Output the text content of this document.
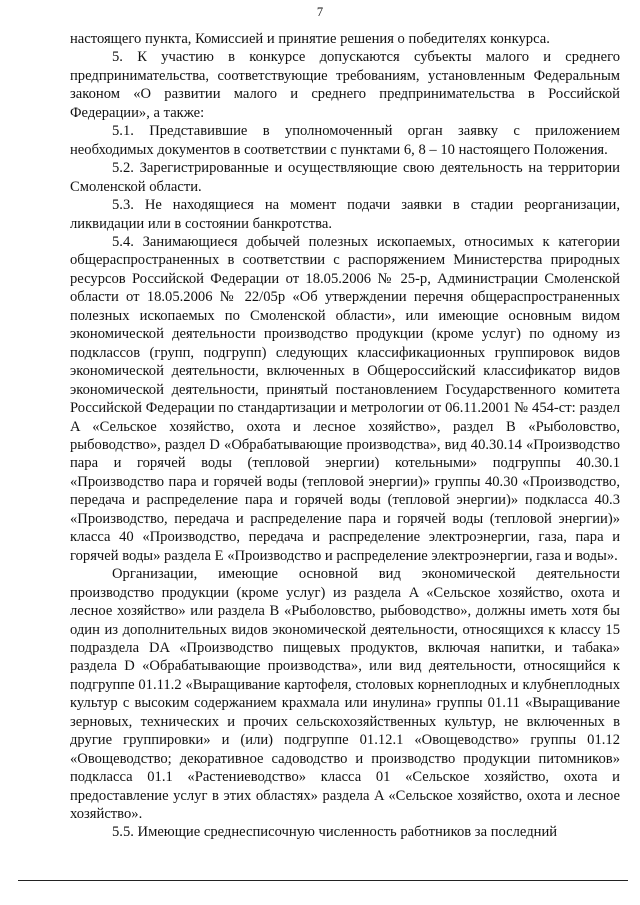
7

настоящего пункта, Комиссией и принятие решения о победителях конкурса.

5. К участию в конкурсе допускаются субъекты малого и среднего предпринимательства, соответствующие требованиям, установленным Федеральным законом «О развитии малого и среднего предпринимательства в Российской Федерации», а также:

5.1. Представившие в уполномоченный орган заявку с приложением необходимых документов в соответствии с пунктами 6, 8 – 10 настоящего Положения.

5.2. Зарегистрированные и осуществляющие свою деятельность на территории Смоленской области.

5.3. Не находящиеся на момент подачи заявки в стадии реорганизации, ликвидации или в состоянии банкротства.

5.4. Занимающиеся добычей полезных ископаемых, относимых к категории общераспространенных в соответствии с распоряжением Министерства природных ресурсов Российской Федерации от 18.05.2006 № 25-р, Администрации Смоленской области от 18.05.2006 № 22/05р «Об утверждении перечня общераспространенных полезных ископаемых по Смоленской области», или имеющие основным видом экономической деятельности производство продукции (кроме услуг) по одному из подклассов (групп, подгрупп) следующих классификационных группировок видов экономической деятельности, включенных в Общероссийский классификатор видов экономической деятельности, принятый постановлением Государственного комитета Российской Федерации по стандартизации и метрологии от 06.11.2001 № 454-ст: раздел A «Сельское хозяйство, охота и лесное хозяйство», раздел B «Рыболовство, рыбоводство», раздел D «Обрабатывающие производства», вид 40.30.14 «Производство пара и горячей воды (тепловой энергии) котельными» подгруппы 40.30.1 «Производство пара и горячей воды (тепловой энергии)» группы 40.30 «Производство, передача и распределение пара и горячей воды (тепловой энергии)» подкласса 40.3 «Производство, передача и распределение пара и горячей воды (тепловой энергии)» класса 40 «Производство, передача и распределение электроэнергии, газа, пара и горячей воды» раздела E «Производство и распределение электроэнергии, газа и воды».

Организации, имеющие основной вид экономической деятельности производство продукции (кроме услуг) из раздела A «Сельское хозяйство, охота и лесное хозяйство» или раздела B «Рыболовство, рыбоводство», должны иметь хотя бы один из дополнительных видов экономической деятельности, относящихся к классу 15 подраздела DA «Производство пищевых продуктов, включая напитки, и табака» раздела D «Обрабатывающие производства», или вид деятельности, относящийся к подгруппе 01.11.2 «Выращивание картофеля, столовых корнеплодных и клубнеплодных культур с высоким содержанием крахмала или инулина» группы 01.11 «Выращивание зерновых, технических и прочих сельскохозяйственных культур, не включенных в другие группировки» и (или) подгруппе 01.12.1 «Овощеводство» группы 01.12 «Овощеводство; декоративное садоводство и производство продукции питомников» подкласса 01.1 «Растениеводство» класса 01 «Сельское хозяйство, охота и предоставление услуг в этих областях» раздела A «Сельское хозяйство, охота и лесное хозяйство».

5.5. Имеющие среднесписочную численность работников за последний
